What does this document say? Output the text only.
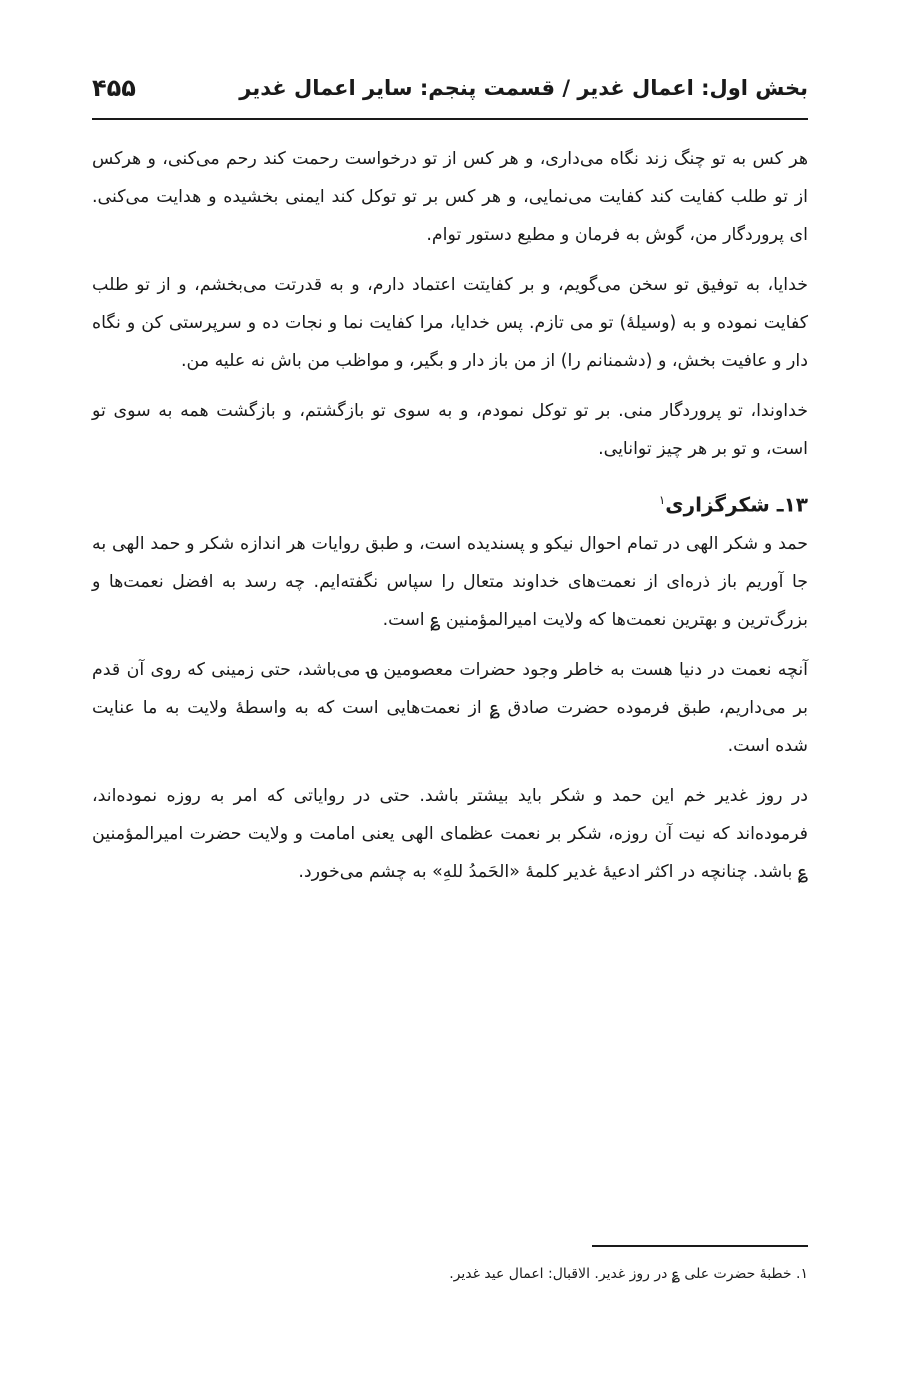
بخش اول: اعمال غدیر / قسمت پنجم: سایر اعمال غدیر
۴۵۵

هر کس به تو چنگ زند نگاه می‌داری، و هر کس از تو درخواست رحمت کند رحم می‌کنی، و هرکس از تو طلب کفایت کند کفایت می‌نمایی، و هر کس بر تو توکل کند ایمنی بخشیده و هدایت می‌کنی. ای پروردگار من، گوش به فرمان و مطیع دستور توام.

خدایا، به توفیق تو سخن می‌گویم، و بر کفایتت اعتماد دارم، و به قدرتت می‌بخشم، و از تو طلب کفایت نموده و به (وسیلهٔ) تو می تازم. پس خدایا، مرا کفایت نما و نجات ده و سرپرستی کن و نگاه دار و عافیت بخش، و (دشمنانم را) از من باز دار و بگیر، و مواظب من باش نه علیه من.

خداوندا، تو پروردگار منی. بر تو توکل نمودم، و به سوی تو بازگشتم، و بازگشت همه به سوی تو است، و تو بر هر چیز توانایی.

۱۳ـ شکرگزاری$^۱$

حمد و شکر الهی در تمام احوال نیکو و پسندیده است، و طبق روایات هر اندازه شکر و حمد الهی به جا آوریم باز ذره‌ای از نعمت‌های خداوند متعال را سپاس نگفته‌ایم. چه رسد به افضل نعمت‌ها و بزرگ‌ترین و بهترین نعمت‌ها که ولایت امیرالمؤمنین ؏ است.

آنچه نعمت در دنیا هست به خاطر وجود حضرات معصومین ؈ می‌باشد، حتی زمینی که روی آن قدم بر می‌داریم، طبق فرموده حضرت صادق ؏ از نعمت‌هایی است که به واسطهٔ ولایت به ما عنایت شده است.

در روز غدیر خم این حمد و شکر باید بیشتر باشد. حتی در روایاتی که امر به روزه نموده‌اند، فرموده‌اند که نیت آن روزه، شکر بر نعمت عظمای الهی یعنی امامت و ولایت حضرت امیرالمؤمنین ؏ باشد. چنانچه در اکثر ادعیهٔ غدیر کلمهٔ «الحَمدُ للهِ» به چشم می‌خورد.

۱. خطبهٔ حضرت علی ؏ در روز غدیر. الاقبال: اعمال عید غدیر.
